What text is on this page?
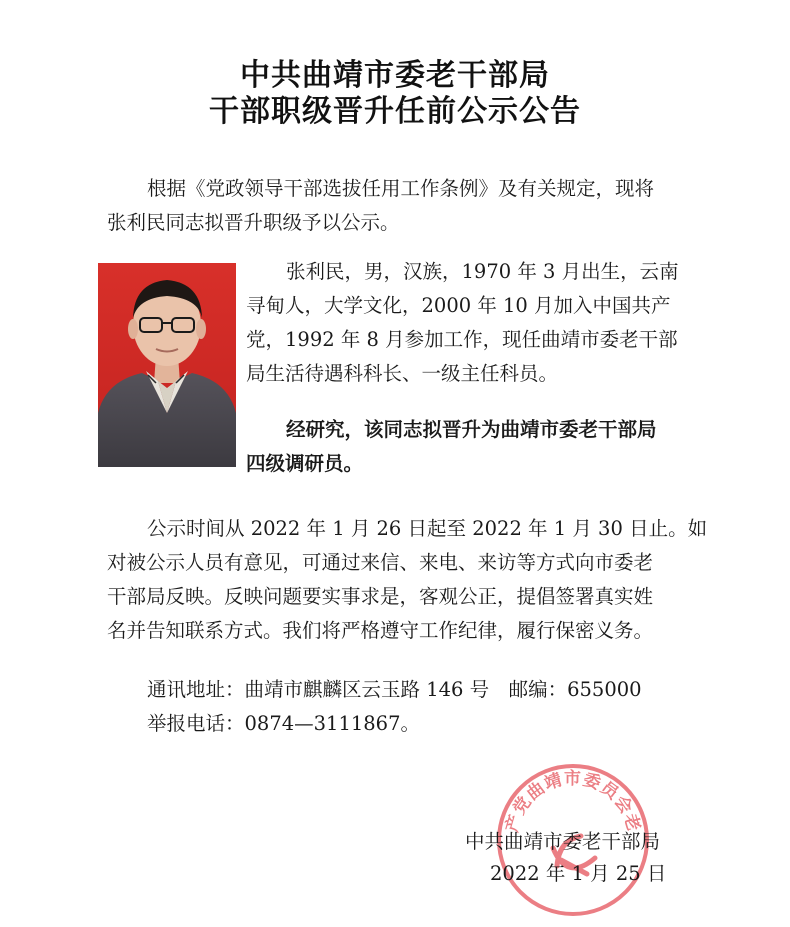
中共曲靖市委老干部局
干部职级晋升任前公示公告
根据《党政领导干部选拔任用工作条例》及有关规定，现将
张利民同志拟晋升职级予以公示。
张利民，男，汉族，1970 年 3 月出生，云南
寻甸人，大学文化，2000 年 10 月加入中国共产
党，1992 年 8 月参加工作，现任曲靖市委老干部
局生活待遇科科长、一级主任科员。
经研究，该同志拟晋升为曲靖市委老干部局
四级调研员。
公示时间从 2022 年 1 月 26 日起至 2022 年 1 月 30 日止。如
对被公示人员有意见，可通过来信、来电、来访等方式向市委老
干部局反映。反映问题要实事求是，客观公正，提倡签署真实姓
名并告知联系方式。我们将严格遵守工作纪律，履行保密义务。
通讯地址：曲靖市麒麟区云玉路 146 号　邮编：655000
举报电话：0874—3111867。
产党曲靖市委员会老
中共曲靖市委老干部局
2022 年 1 月 25 日
